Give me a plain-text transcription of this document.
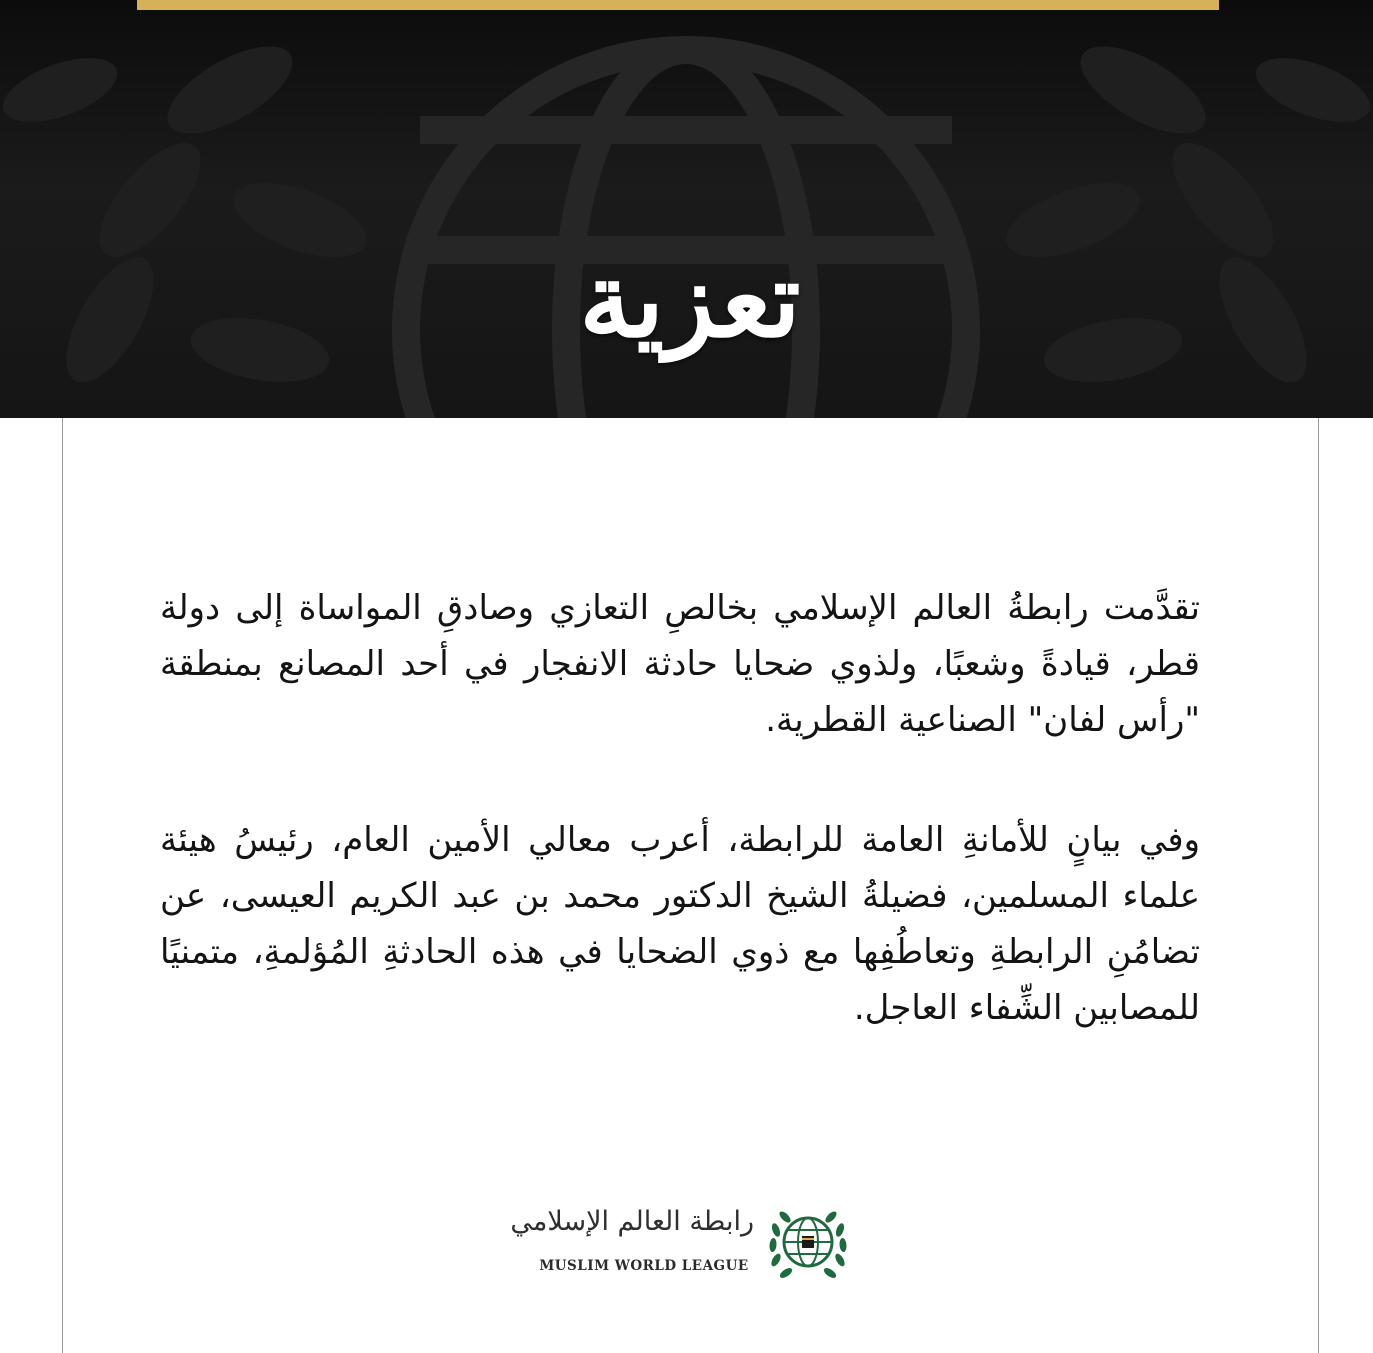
تعزية

تقدَّمت رابطةُ العالم الإسلامي بخالصِ التعازي وصادقِ المواساة إلى دولة قطر، قيادةً وشعبًا، ولذوي ضحايا حادثة الانفجار في أحد المصانع بمنطقة "رأس لفان" الصناعية القطرية.

وفي بيانٍ للأمانةِ العامة للرابطة، أعرب معالي الأمين العام، رئيسُ هيئة علماء المسلمين، فضيلةُ الشيخ الدكتور محمد بن عبد الكريم العيسى، عن تضامُنِ الرابطةِ وتعاطُفِها مع ذوي الضحايا في هذه الحادثةِ المُؤلمةِ، متمنيًا للمصابين الشِّفاء العاجل.

رابطة العالم الإسلامي
MUSLIM WORLD LEAGUE
